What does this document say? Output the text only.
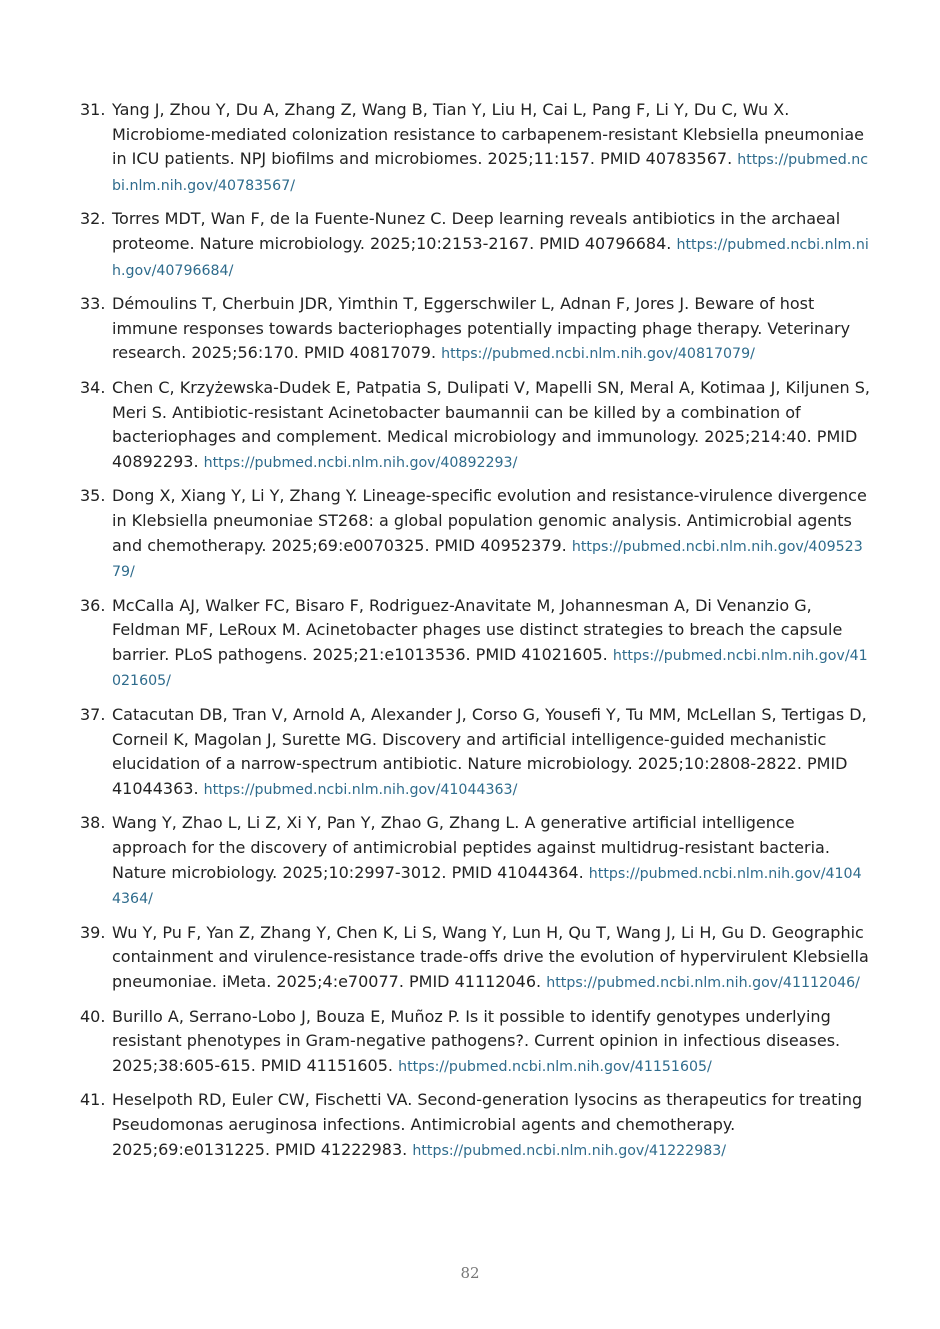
31. Yang J, Zhou Y, Du A, Zhang Z, Wang B, Tian Y, Liu H, Cai L, Pang F, Li Y, Du C, Wu X. Microbiome-mediated colonization resistance to carbapenem-resistant Klebsiella pneumoniae in ICU patients. NPJ biofilms and microbiomes. 2025;11:157. PMID 40783567. https://pubmed.ncbi.nlm.nih.gov/40783567/
32. Torres MDT, Wan F, de la Fuente-Nunez C. Deep learning reveals antibiotics in the archaeal proteome. Nature microbiology. 2025;10:2153-2167. PMID 40796684. https://pubmed.ncbi.nlm.nih.gov/40796684/
33. Démoulins T, Cherbuin JDR, Yimthin T, Eggerschwiler L, Adnan F, Jores J. Beware of host immune responses towards bacteriophages potentially impacting phage therapy. Veterinary research. 2025;56:170. PMID 40817079. https://pubmed.ncbi.nlm.nih.gov/40817079/
34. Chen C, Krzyżewska-Dudek E, Patpatia S, Dulipati V, Mapelli SN, Meral A, Kotimaa J, Kiljunen S, Meri S. Antibiotic-resistant Acinetobacter baumannii can be killed by a combination of bacteriophages and complement. Medical microbiology and immunology. 2025;214:40. PMID 40892293. https://pubmed.ncbi.nlm.nih.gov/40892293/
35. Dong X, Xiang Y, Li Y, Zhang Y. Lineage-specific evolution and resistance-virulence divergence in Klebsiella pneumoniae ST268: a global population genomic analysis. Antimicrobial agents and chemotherapy. 2025;69:e0070325. PMID 40952379. https://pubmed.ncbi.nlm.nih.gov/40952379/
36. McCalla AJ, Walker FC, Bisaro F, Rodriguez-Anavitate M, Johannesman A, Di Venanzio G, Feldman MF, LeRoux M. Acinetobacter phages use distinct strategies to breach the capsule barrier. PLoS pathogens. 2025;21:e1013536. PMID 41021605. https://pubmed.ncbi.nlm.nih.gov/41021605/
37. Catacutan DB, Tran V, Arnold A, Alexander J, Corso G, Yousefi Y, Tu MM, McLellan S, Tertigas D, Corneil K, Magolan J, Surette MG. Discovery and artificial intelligence-guided mechanistic elucidation of a narrow-spectrum antibiotic. Nature microbiology. 2025;10:2808-2822. PMID 41044363. https://pubmed.ncbi.nlm.nih.gov/41044363/
38. Wang Y, Zhao L, Li Z, Xi Y, Pan Y, Zhao G, Zhang L. A generative artificial intelligence approach for the discovery of antimicrobial peptides against multidrug-resistant bacteria. Nature microbiology. 2025;10:2997-3012. PMID 41044364. https://pubmed.ncbi.nlm.nih.gov/41044364/
39. Wu Y, Pu F, Yan Z, Zhang Y, Chen K, Li S, Wang Y, Lun H, Qu T, Wang J, Li H, Gu D. Geographic containment and virulence-resistance trade-offs drive the evolution of hypervirulent Klebsiella pneumoniae. iMeta. 2025;4:e70077. PMID 41112046. https://pubmed.ncbi.nlm.nih.gov/41112046/
40. Burillo A, Serrano-Lobo J, Bouza E, Muñoz P. Is it possible to identify genotypes underlying resistant phenotypes in Gram-negative pathogens?. Current opinion in infectious diseases. 2025;38:605-615. PMID 41151605. https://pubmed.ncbi.nlm.nih.gov/41151605/
41. Heselpoth RD, Euler CW, Fischetti VA. Second-generation lysocins as therapeutics for treating Pseudomonas aeruginosa infections. Antimicrobial agents and chemotherapy. 2025;69:e0131225. PMID 41222983. https://pubmed.ncbi.nlm.nih.gov/41222983/
82
